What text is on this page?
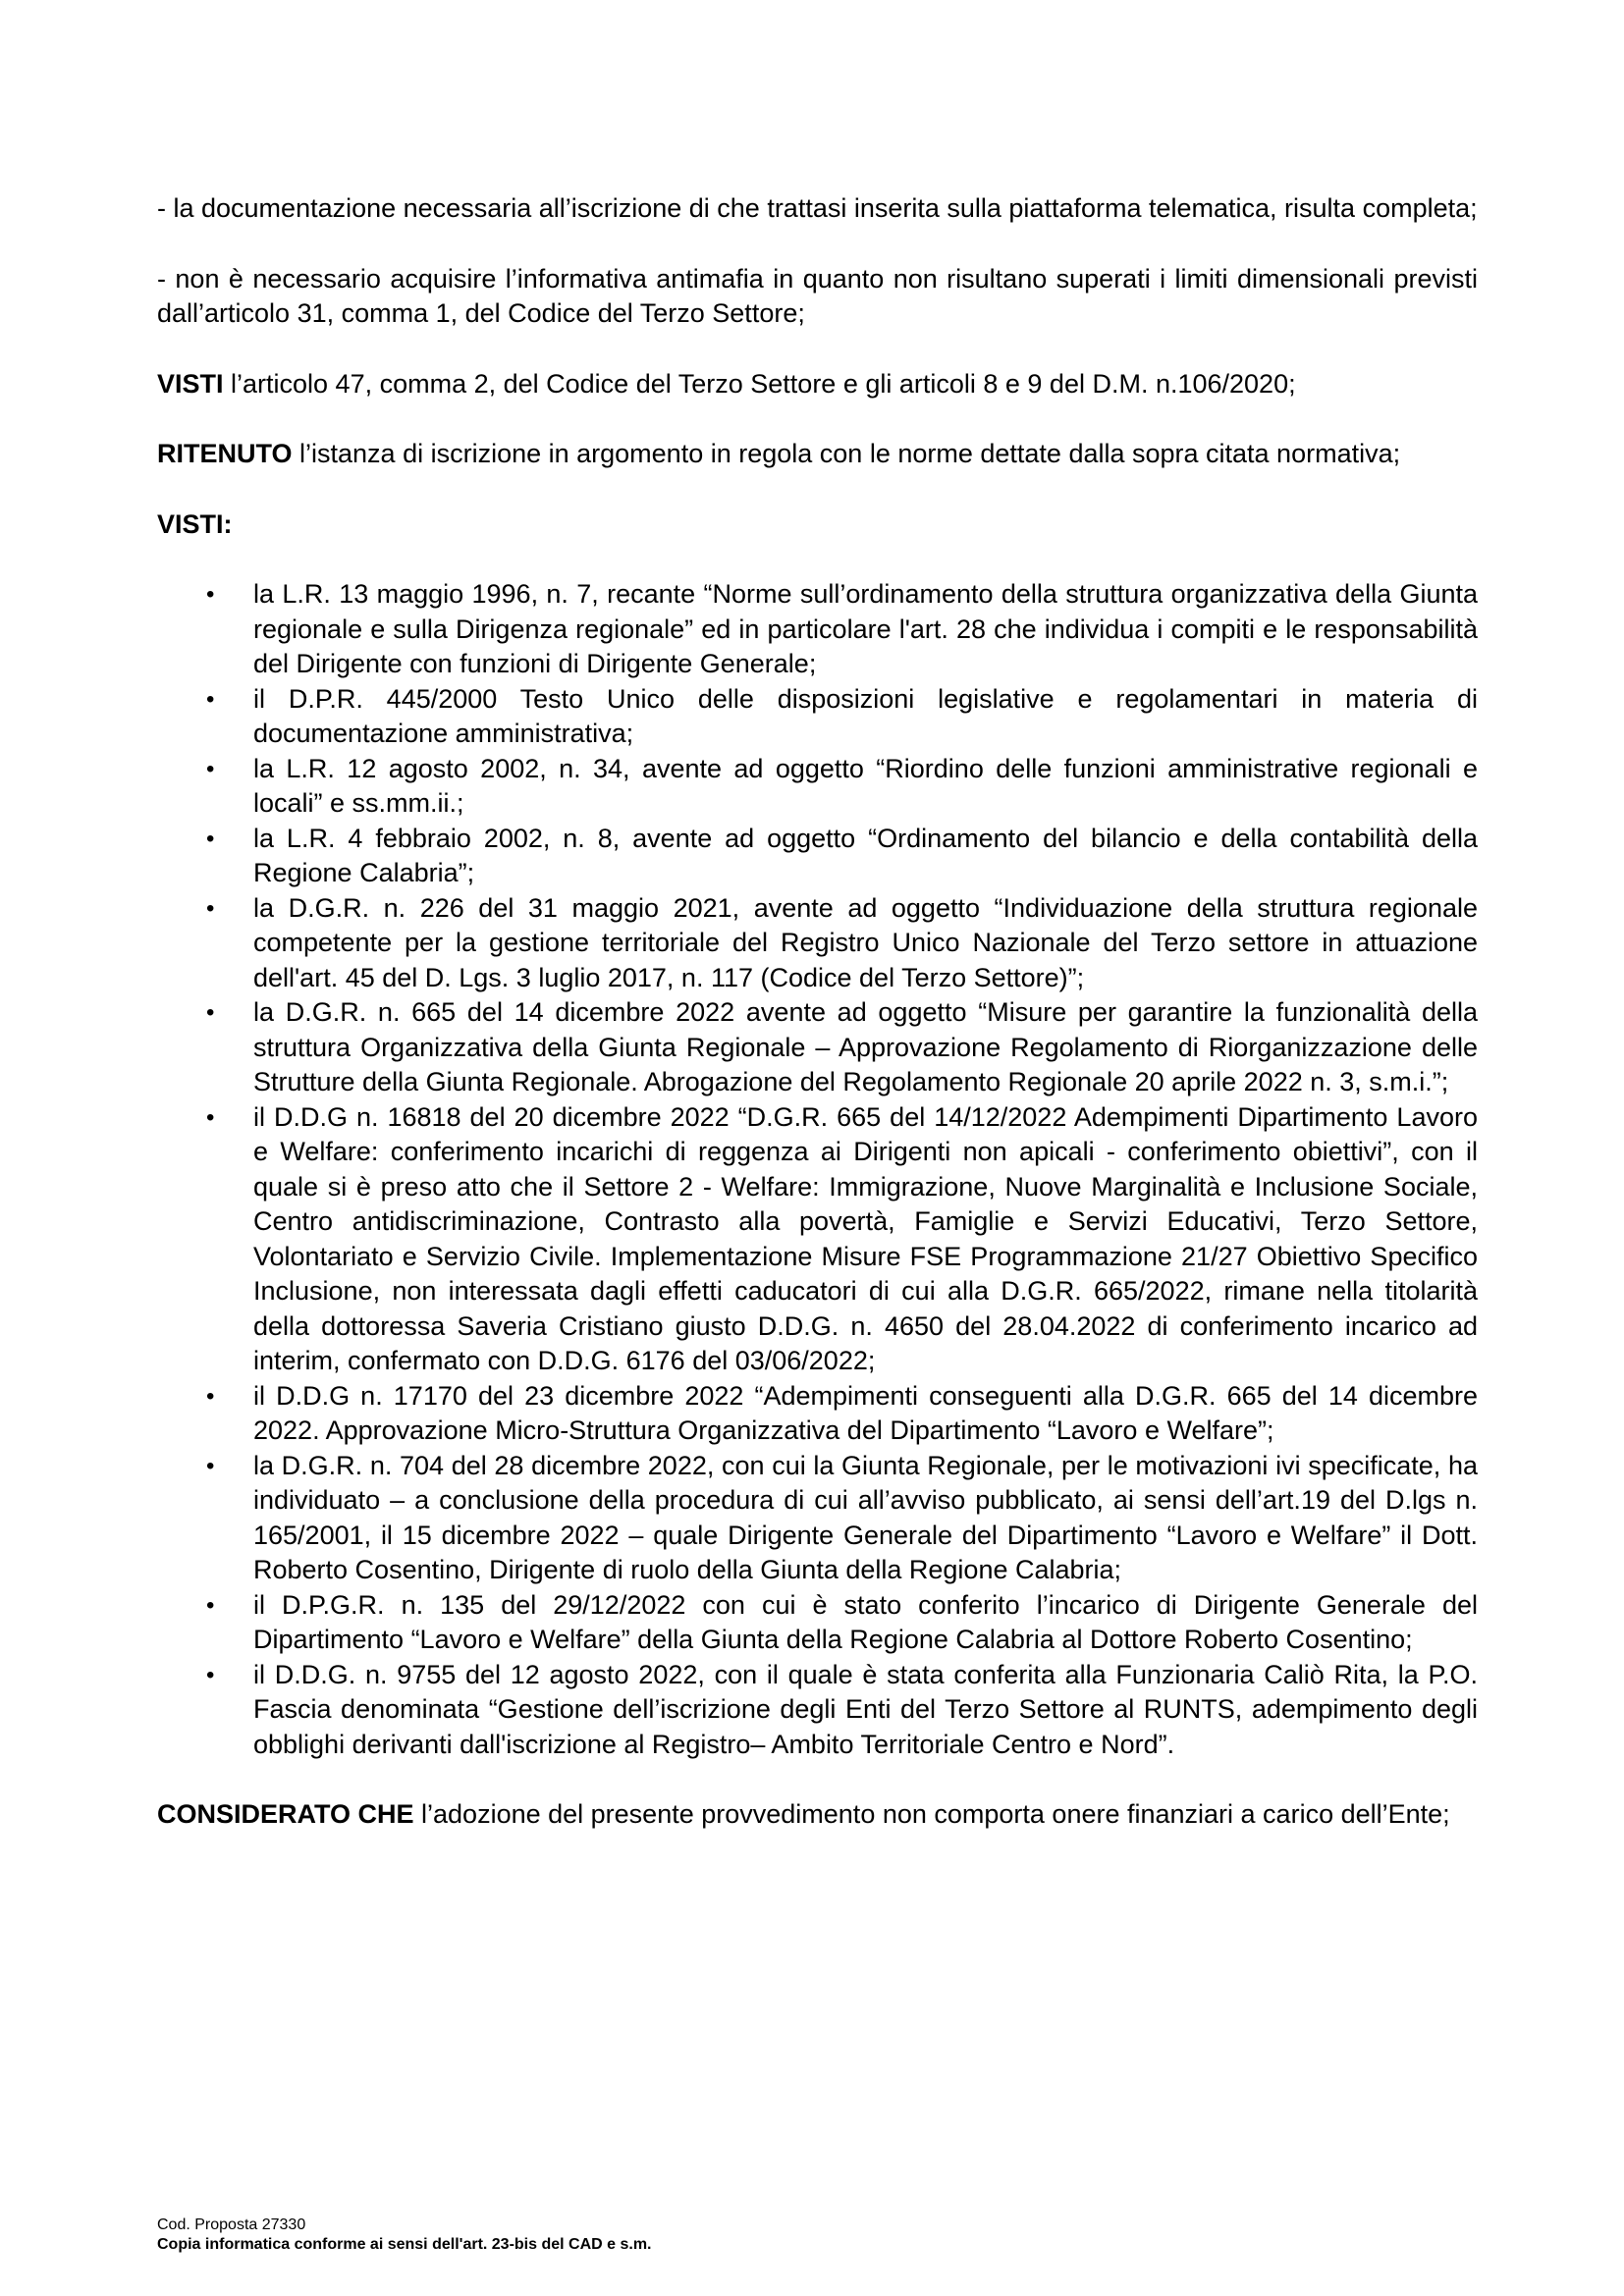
- la documentazione necessaria all’iscrizione di che trattasi inserita sulla piattaforma telematica, risulta completa;

- non è necessario acquisire l’informativa antimafia in quanto non risultano superati i limiti dimensionali previsti dall’articolo 31, comma 1, del Codice del Terzo Settore;

VISTI l’articolo 47, comma 2, del Codice del Terzo Settore e gli articoli 8 e 9 del D.M. n.106/2020;

RITENUTO l’istanza di iscrizione in argomento in regola con le norme dettate dalla sopra citata normativa;

VISTI:

• la L.R. 13 maggio 1996, n. 7, recante “Norme sull’ordinamento della struttura organizzativa della Giunta regionale e sulla Dirigenza regionale” ed in particolare l'art. 28 che individua i compiti e le responsabilità del Dirigente con funzioni di Dirigente Generale;
• il D.P.R. 445/2000 Testo Unico delle disposizioni legislative e regolamentari in materia di documentazione amministrativa;
• la L.R. 12 agosto 2002, n. 34, avente ad oggetto “Riordino delle funzioni amministrative regionali e locali” e ss.mm.ii.;
• la L.R. 4 febbraio 2002, n. 8, avente ad oggetto “Ordinamento del bilancio e della contabilità della Regione Calabria”;
• la D.G.R. n. 226 del 31 maggio 2021, avente ad oggetto “Individuazione della struttura regionale competente per la gestione territoriale del Registro Unico Nazionale del Terzo settore in attuazione dell'art. 45 del D. Lgs. 3 luglio 2017, n. 117 (Codice del Terzo Settore)”;
• la D.G.R. n. 665 del 14 dicembre 2022 avente ad oggetto “Misure per garantire la funzionalità della struttura Organizzativa della Giunta Regionale – Approvazione Regolamento di Riorganizzazione delle Strutture della Giunta Regionale. Abrogazione del Regolamento Regionale 20 aprile 2022 n. 3, s.m.i.”;
• il D.D.G n. 16818 del 20 dicembre 2022 “D.G.R. 665 del 14/12/2022 Adempimenti Dipartimento Lavoro e Welfare: conferimento incarichi di reggenza ai Dirigenti non apicali - conferimento obiettivi”, con il quale si è preso atto che il Settore 2 - Welfare: Immigrazione, Nuove Marginalità e Inclusione Sociale, Centro antidiscriminazione, Contrasto alla povertà, Famiglie e Servizi Educativi, Terzo Settore, Volontariato e Servizio Civile. Implementazione Misure FSE Programmazione 21/27 Obiettivo Specifico Inclusione, non interessata dagli effetti caducatori di cui alla D.G.R. 665/2022, rimane nella titolarità della dottoressa Saveria Cristiano giusto D.D.G. n. 4650 del 28.04.2022 di conferimento incarico ad interim, confermato con D.D.G. 6176 del 03/06/2022;
• il D.D.G n. 17170 del 23 dicembre 2022 “Adempimenti conseguenti alla D.G.R. 665 del 14 dicembre 2022. Approvazione Micro-Struttura Organizzativa del Dipartimento “Lavoro e Welfare”;
• la D.G.R. n. 704 del 28 dicembre 2022, con cui la Giunta Regionale, per le motivazioni ivi specificate, ha individuato – a conclusione della procedura di cui all’avviso pubblicato, ai sensi dell’art.19 del D.lgs n. 165/2001, il 15 dicembre 2022 – quale Dirigente Generale del Dipartimento “Lavoro e Welfare” il Dott. Roberto Cosentino, Dirigente di ruolo della Giunta della Regione Calabria;
• il D.P.G.R. n. 135 del 29/12/2022 con cui è stato conferito l’incarico di Dirigente Generale del Dipartimento “Lavoro e Welfare” della Giunta della Regione Calabria al Dottore Roberto Cosentino;
• il D.D.G. n. 9755 del 12 agosto 2022, con il quale è stata conferita alla Funzionaria Caliò Rita, la P.O. Fascia denominata “Gestione dell’iscrizione degli Enti del Terzo Settore al RUNTS, adempimento degli obblighi derivanti dall'iscrizione al Registro– Ambito Territoriale Centro e Nord”.

CONSIDERATO CHE l’adozione del presente provvedimento non comporta onere finanziari a carico dell’Ente;

Cod. Proposta 27330
Copia informatica conforme ai sensi dell'art. 23-bis del CAD e s.m.
